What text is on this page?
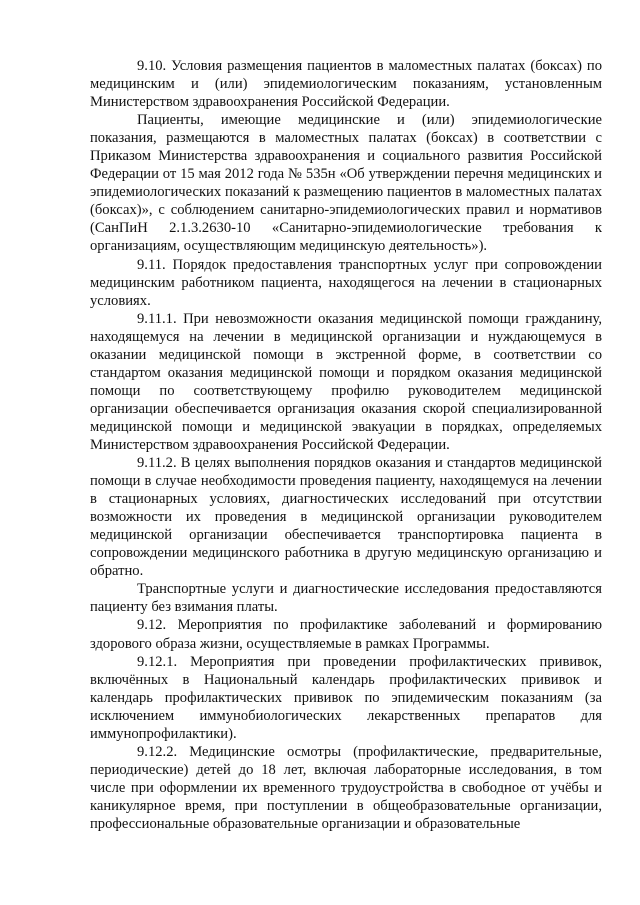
9.10. Условия размещения пациентов в маломестных палатах (боксах) по медицинским и (или) эпидемиологическим показаниям, установленным Министерством здравоохранения Российской Федерации.

Пациенты, имеющие медицинские и (или) эпидемиологические показания, размещаются в маломестных палатах (боксах) в соответствии с Приказом Министерства здравоохранения и социального развития Российской Федерации от 15 мая 2012 года № 535н «Об утверждении перечня медицинских и эпидемиологических показаний к размещению пациентов в маломестных палатах (боксах)», с соблюдением санитарно-эпидемиологических правил и нормативов (СанПиН 2.1.3.2630-10 «Санитарно-эпидемиологические требования к организациям, осуществляющим медицинскую деятельность»).

9.11. Порядок предоставления транспортных услуг при сопровождении медицинским работником пациента, находящегося на лечении в стационарных условиях.

9.11.1. При невозможности оказания медицинской помощи гражданину, находящемуся на лечении в медицинской организации и нуждающемуся в оказании медицинской помощи в экстренной форме, в соответствии со стандартом оказания медицинской помощи и порядком оказания медицинской помощи по соответствующему профилю руководителем медицинской организации обеспечивается организация оказания скорой специализированной медицинской помощи и медицинской эвакуации в порядках, определяемых Министерством здравоохранения Российской Федерации.

9.11.2. В целях выполнения порядков оказания и стандартов медицинской помощи в случае необходимости проведения пациенту, находящемуся на лечении в стационарных условиях, диагностических исследований при отсутствии возможности их проведения в медицинской организации руководителем медицинской организации обеспечивается транспортировка пациента в сопровождении медицинского работника в другую медицинскую организацию и обратно.

Транспортные услуги и диагностические исследования предоставляются пациенту без взимания платы.

9.12. Мероприятия по профилактике заболеваний и формированию здорового образа жизни, осуществляемые в рамках Программы.

9.12.1. Мероприятия при проведении профилактических прививок, включённых в Национальный календарь профилактических прививок и календарь профилактических прививок по эпидемическим показаниям (за исключением иммунобиологических лекарственных препаратов для иммунопрофилактики).

9.12.2. Медицинские осмотры (профилактические, предварительные, периодические) детей до 18 лет, включая лабораторные исследования, в том числе при оформлении их временного трудоустройства в свободное от учёбы и каникулярное время, при поступлении в общеобразовательные организации, профессиональные образовательные организации и образовательные
